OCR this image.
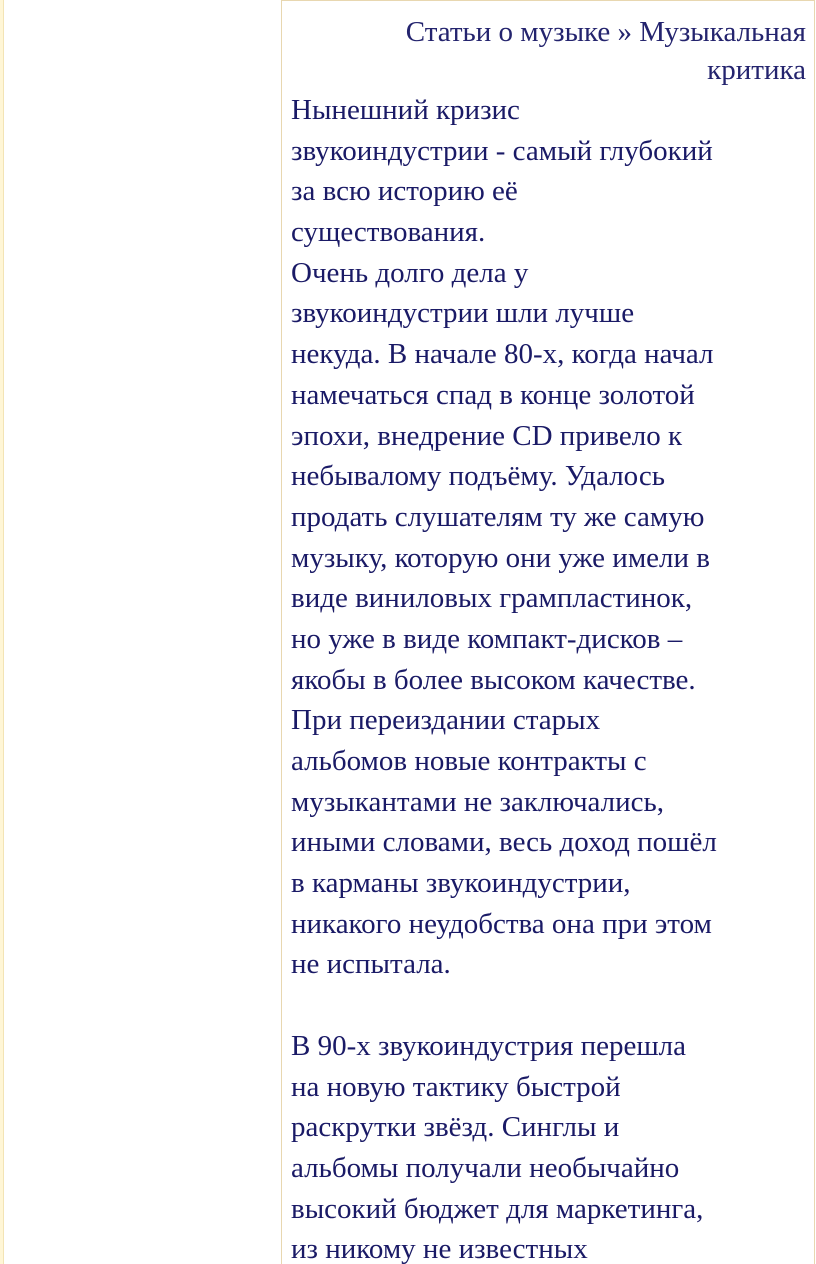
Статьи о музыке » Музыкальная
критика
Нынешний кризис
звукоиндустрии - самый глубокий
за всю историю её
существования.
Очень долго дела у
звукоиндустрии шли лучше
некуда. В начале 80-х, когда начал
намечаться спад в конце золотой
эпохи, внедрение CD привело к
небывалому подъёму. Удалось
продать слушателям ту же самую
музыку, которую они уже имели в
виде виниловых грампластинок,
но уже в виде компакт-дисков –
якобы в более высоком качестве.
При переиздании старых
альбомов новые контракты с
музыкантами не заключались,
иными словами, весь доход пошёл
в карманы звукоиндустрии,
никакого неудобства она при этом
не испытала.
В 90-х звукоиндустрия перешла
на новую тактику быстрой
раскрутки звёзд. Синглы и
альбомы получали необычайно
высокий бюджет для маркетинга,
из никому не известных
